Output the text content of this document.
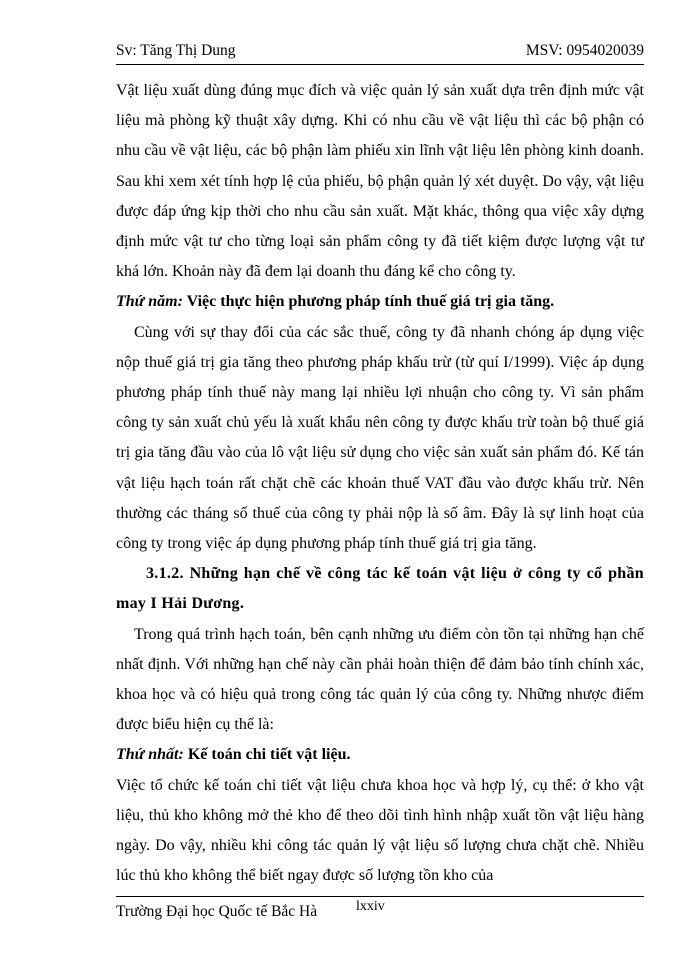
Sv: Tăng Thị Dung	MSV: 0954020039

Vật liệu xuất dùng đúng mục đích và việc quản lý sản xuất dựa trên định mức vật liệu mà phòng kỹ thuật xây dựng. Khi có nhu cầu về vật liệu thì các bộ phận có nhu cầu về vật liệu, các bộ phận làm phiếu xin lĩnh vật liệu lên phòng kinh doanh. Sau khi xem xét tính hợp lệ của phiếu, bộ phận quản lý xét duyệt. Do vậy, vật liệu được đáp ứng kịp thời cho nhu cầu sản xuất. Mặt khác, thông qua việc xây dựng định mức vật tư cho từng loại sản phẩm công ty đã tiết kiệm được lượng vật tư khá lớn. Khoản này đã đem lại doanh thu đáng kể cho công ty.

Thứ năm: Việc thực hiện phương pháp tính thuế giá trị gia tăng.

Cùng với sự thay đổi của các sắc thuế, công ty đã nhanh chóng áp dụng việc nộp thuế giá trị gia tăng theo phương pháp khấu trừ (từ quí I/1999). Việc áp dụng phương pháp tính thuế này mang lại nhiều lợi nhuận cho công ty. Vì sản phẩm công ty sản xuất chủ yếu là xuất khẩu nên công ty được khấu trừ toàn bộ thuế giá trị gia tăng đầu vào của lô vật liệu sử dụng cho việc sản xuất sản phẩm đó. Kế tán vật liệu hạch toán rất chặt chẽ các khoản thuế VAT đầu vào được khấu trừ. Nên thường các tháng số thuế của công ty phải nộp là số âm. Đây là sự linh hoạt của công ty trong việc áp dụng phương pháp tính thuế giá trị gia tăng.

3.1.2. Những hạn chế về công tác kế toán vật liệu ở công ty cổ phần may I Hải Dương.

Trong quá trình hạch toán, bên cạnh những ưu điểm còn tồn tại những hạn chế nhất định. Với những hạn chế này cần phải hoàn thiện để đảm bảo tính chính xác, khoa học và có hiệu quả trong công tác quản lý của công ty. Những nhược điểm được biểu hiện cụ thể là:

Thứ nhất: Kế toán chi tiết vật liệu.

Việc tổ chức kế toán chi tiết vật liệu chưa khoa học và hợp lý, cụ thể: ở kho vật liệu, thủ kho không mở thẻ kho để theo dõi tình hình nhập xuất tồn vật liệu hàng ngày. Do vậy, nhiều khi công tác quản lý vật liệu số lượng chưa chặt chẽ. Nhiều lúc thủ kho không thể biết ngay được số lượng tồn kho của

Trường Đại học Quốc tế Bắc Hà	lxxiv
